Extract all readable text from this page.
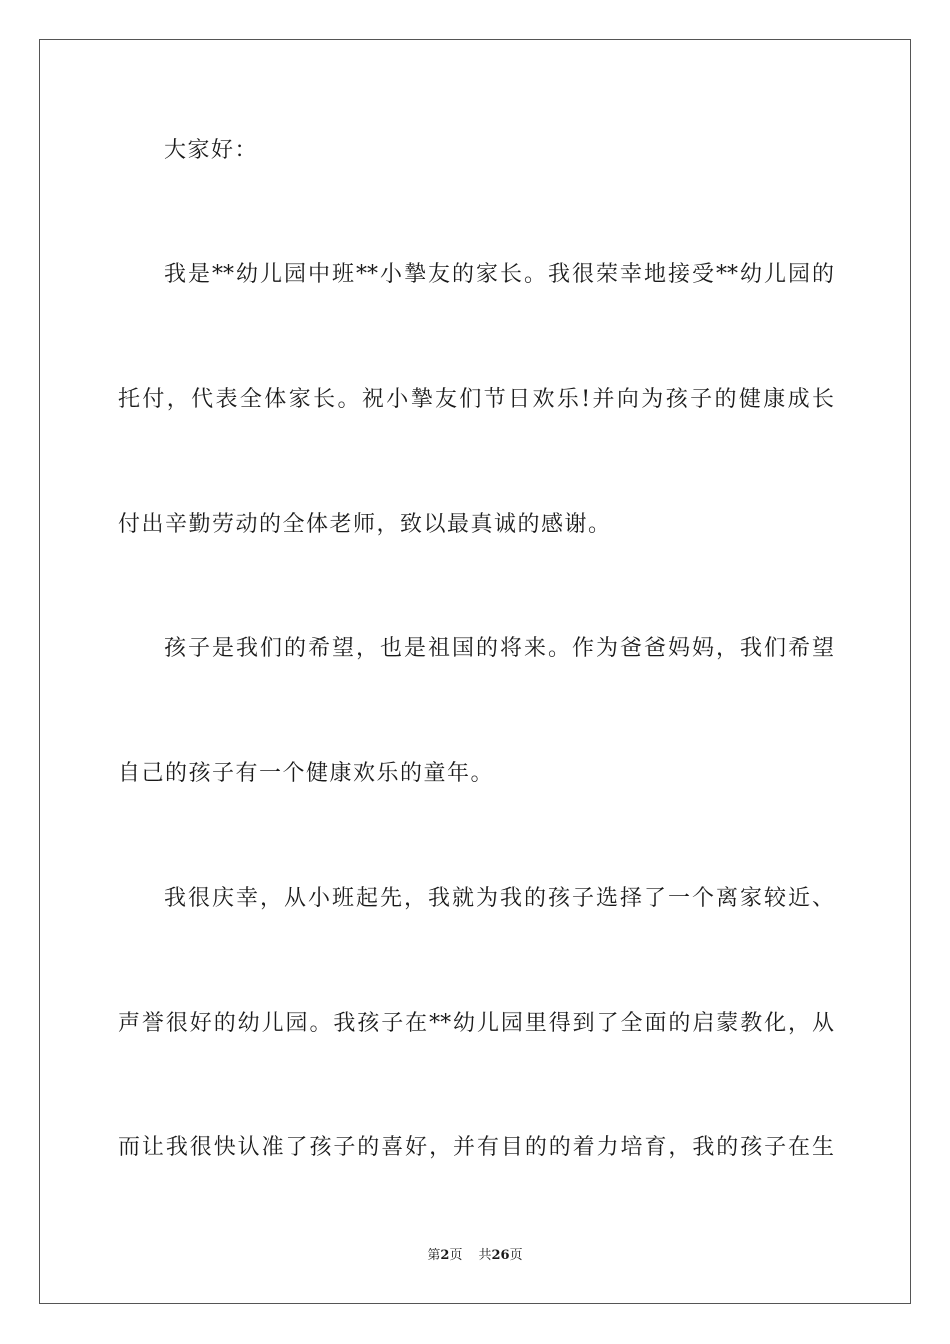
大家好：
我是**幼儿园中班**小摯友的家长。我很荣幸地接受**幼儿园的
托付，代表全体家长。祝小摯友们节日欢乐!并向为孩子的健康成长
付出辛勤劳动的全体老师，致以最真诚的感谢。
孩子是我们的希望，也是祖国的将来。作为爸爸妈妈，我们希望
自己的孩子有一个健康欢乐的童年。
我很庆幸，从小班起先，我就为我的孩子选择了一个离家较近、
声誉很好的幼儿园。我孩子在**幼儿园里得到了全面的启蒙教化，从
而让我很快认准了孩子的喜好，并有目的的着力培育，我的孩子在生
第2页 共26页
